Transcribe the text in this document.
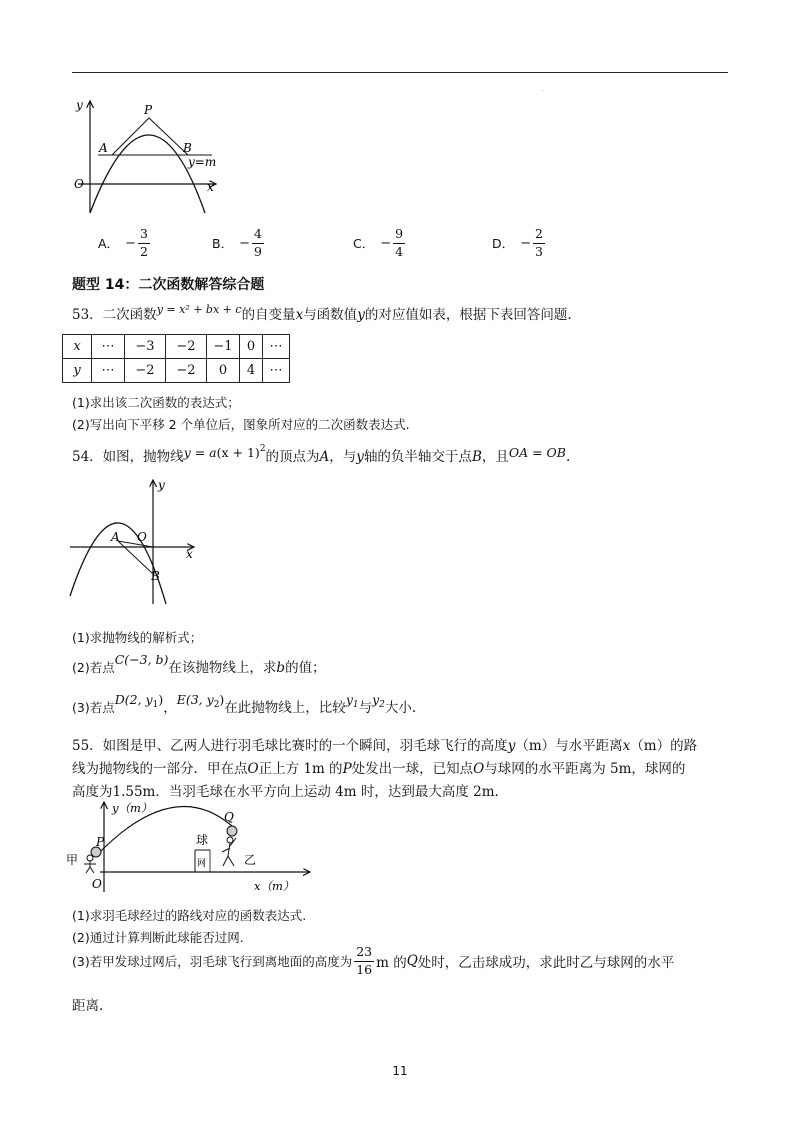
.
y	P
A	B
y=m
O	x
A． − $\frac{3}{2}$	B． − $\frac{4}{9}$	C． − $\frac{9}{4}$	D． − $\frac{2}{3}$
题型 14：二次函数解答综合题
53．二次函数$^{y = x^2 + bx + c}$的自变量x与函数值y的对应值如表，根据下表回答问题.
x	⋯	−3	−2	−1	0	⋯
y	⋯	−2	−2	0	4	⋯
(1)求出该二次函数的表达式；
(2)写出向下平移 2 个单位后，图象所对应的二次函数表达式.
54．如图，抛物线$y = a(x + 1)^2$的顶点为A，与y轴的负半轴交于点B，且OA = OB.
y
A O
x
B
(1)求抛物线的解析式；
(2)若点C(−3, b)在该抛物线上，求b的值；
(3)若点D(2, $y_1$)，E(3, $y_2$)在此抛物线上，比较$y_1$与$y_2$大小.
55．如图是甲、乙两人进行羽毛球比赛时的一个瞬间，羽毛球飞行的高度y（m）与水平距离x（m）的路
线为抛物线的一部分．甲在点O正上方 1m 的P处发出一球，已知点O与球网的水平距离为 5m，球网的
高度为1.55m．当羽毛球在水平方向上运动 4m 时，达到最大高度 2m.
y（m）
P
Q
甲	乙
球
网
O	x（m）
(1)求羽毛球经过的路线对应的函数表达式.
(2)通过计算判断此球能否过网.
(3)若甲发球过网后，羽毛球飞行到离地面的高度为 $\frac{23}{16}$ m 的 Q 处时，乙击球成功，求此时乙与球网的水平
距离.
11
